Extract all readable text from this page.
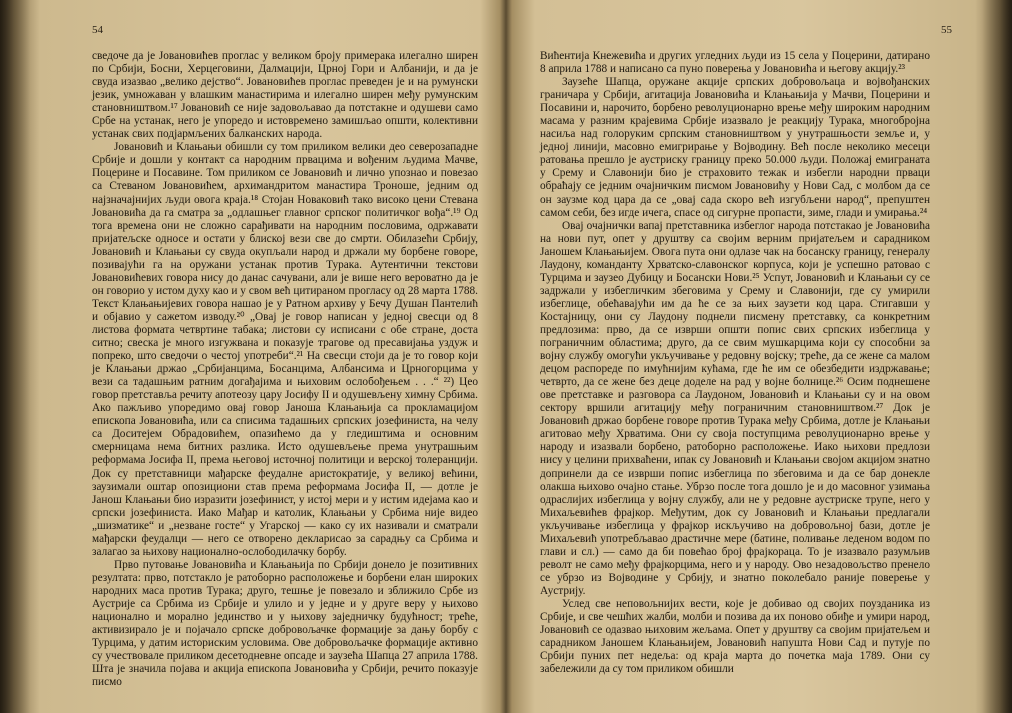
54

сведоче да је Јовановићев проглас у великом броју примерака илегално ширен по Србији, Босни, Херцеговини, Далмацији, Црној Гори и Албанији, и да је свуда изазвао „велико дејство“. Јовановићев проглас преведен је и на румунски језик, умножаван у влашким манастирима и илегално ширен међу румунским становништвом.¹⁷ Јовановић се није задовољавао да потстакне и одушеви само Србе на устанак, него је упоредо и истовремено замишљао општи, колективни устанак свих подјармљених балканских народа.

Јовановић и Клањањи обишли су том приликом велики део северозападне Србије и дошли у контакт са народним првацима и вођеним људима Мачве, Поцерине и Посавине. Том приликом се Јовановић и лично упознао и повезао са Стеваном Јовановићем, архимандритом манастира Троноше, једним од најзначајнијих људи овога краја.¹⁸ Стојан Новаковић тако високо цени Стевана Јовановића да га сматра за „oдлашњег главног српског политичког вођа“.¹⁹ Од тога времена они не сложно сарађивати на народним пословима, одржавати пријатељске односе и остати у блиској вези све до смрти. Обилазећи Србију, Јовановић и Клањањи су свуда окупљали народ и држали му борбене говоре, позивајући га на оружани устанак против Турака. Аутентични текстови Јовановићевих говора нису до данас сачувани, али је више него вероватно да је он говорио у истом духу као и у свом већ цитираном прогласу од 28 марта 1788. Текст Клањањијевих говора нашао је у Ратном архиву у Бечу Душан Пантелић и објавио у сажетом изводу.²⁰ „Овај је говор написан у једној свесци од 8 листова формата четвртине табака; листови су исписани с обе стране, доста ситно; свеска је много изгужвана и показује трагове од пресавијања уздуж и попреко, што сведочи о честој употреби“.²¹ На свесци стоји да је то говор који је Клањањи држао „Србијанцима, Босанцима, Албансима и Црногорцима у вези са тадашњим ратним догађајима и њиховим ослобођењем . . .“ ²²) Цео говор претставља речиту апотеозу цару Јосифу II и одушевљену химну Србима. Ако пажљиво упоредимо овај говор Јаноша Клањањија са прокламацијом епископа Јовановића, или са списима тадашњих српских јозефиниста, на челу са Доситејем Обрадовићем, опазићемо да у гледиштима и основним смерницама нема битних разлика. Исто одушевљење према унутрашњим реформама Јосифа II, према његовој источној политици и верској толеранцији. Док су претставници мађарске феудалне аристократије, у великој већини, заузимали оштар опозициони став према реформама Јосифа II, — дотле је Јанош Клањањи био изразити јозефинист, у истој мери и у истим идејама као и српски јозефиниста. Иако Мађар и католик, Клањањи у Србима није видео „шизматике“ и „незване госте“ у Угарској — како су их називали и сматрали мађарски феудалци — него се отворено декларисао за сарадњу са Србима и залагао за њихову национално-ослободилачку борбу.

Прво путовање Јовановића и Клањањија по Србији донело је позитивних резултата: прво, потстакло је ратоборно расположење и борбени елан широких народних маса против Турака; друго, тешње је повезало и зближило Србе из Аустрије са Србима из Србије и улило и у једне и у друге веру у њихово национално и морално јединство и у њихову заједничку будућност; треће, активизирало је и појачало српске добровољачке формације за дању борбу с Турцима, у датим историским условима. Ове добровољачке формације активно су учествовале приликом десетодневне опсаде и заузећа Шапца 27 априла 1788. Шта је значила појава и акција епископа Јовановића у Србији, речито показује писмо

55

Вићентија Кнежевића и других угледних људи из 15 села у Поцерини, датирано 8 априла 1788 и написано са пуно поверења у Јовановића и његову акцију.²³

Заузеће Шапца, оружане акције српских добровољаца и војвођанских граничара у Србији, агитација Јовановића и Клањањија у Мачви, Поцерини и Посавини и, нарочито, борбено револуционарно врење међу широким народним масама у разним крајевима Србије изазвало је реакцију Турака, многобројна насиља над голоруким српским становништвом у унутрашњости земље и, у једној линији, масовно емигрирање у Војводину. Већ после неколико месеци ратовања прешло је аустриску границу преко 50.000 људи. Положај емиграната у Срему и Славонији био је страховито тежак и избегли народни прваци обраћају се једним очајничким писмом Јовановићу у Нови Сад, с молбом да се он заузме код цара да се „овај сада скоро већ изгубљени народ“, препуштен самом себи, без игде ичега, спасе од сигурне пропасти, зиме, глади и умирања.²⁴

Овај очајнички вапај претставника избеглог народа потстакао је Јовановића на нови пут, опет у друштву са својим верним пријатељем и сарадником Јаношем Клањањијем. Овога пута они одлазе чак на босанску границу, генералу Лаудону, команданту Хрватско-славонског корпуса, који је успешно ратовао с Турцима и заузео Дубицу и Босански Нови.²⁵ Успут, Јовановић и Клањањи су се задржали у избегличким збеговима у Срему и Славонији, где су умирили избеглице, обећавајући им да ће се за њих заузети код цара. Стигавши у Костајницу, они су Лаудону поднели писмену претставку, са конкретним предлозима: прво, да се изврши општи попис свих српских избеглица у пограничним областима; друго, да се свим мушкарцима који су способни за војну службу омогући укључивање у редовну војску; треће, да се жене са малом децом распореде по имућнијим кућама, где ће им се обезбедити издржавање; четврто, да се жене без деце доделе на рад у војне болнице.²⁶ Осим поднешене ове претставке и разговора са Лаудоном, Јовановић и Клањањи су и на овом сектору вршили агитацију међу пограничним становништвом.²⁷ Док је Јовановић држао борбене говоре против Турака међу Србима, дотле је Клањањи агитовао међу Хрватима. Они су своја поступцима револуционарно врење у народу и изазвали борбено, ратоборно расположење. Иако њихови предлози нису у целини прихваћени, ипак су Јовановић и Клањањи својом акцијом знатно допринели да се изврши попис избеглица по збеговима и да се бар донекле олакша њихово очајно стање. Убрзо после тога дошло је и до масовног узимања одраслијих избеглица у војну службу, али не у редовне аустриске трупе, него у Михаљевићев фрајкор. Међутим, док су Јовановић и Клањањи предлагали укључивање избеглица у фрајкор искључиво на добровољној бази, дотле је Михаљевић употребљавао драстичне мере (батине, поливање леденом водом по глави и сл.) — само да би повећао број фрајкораца. То је изазвало разумљив револт не само међу фрајкорцима, него и у народу. Ово незадовољство пренело се убрзо из Војводине у Србију, и знатно поколебало раније поверење у Аустрију.

Услед све неповољнијих вести, које је добивао од својих поузданика из Србије, и све чешћих жалби, молби и позива да их поново обиђе и умири народ, Јовановић се одазвао њиховим жељама. Опет у друштву са својим пријатељем и сарадником Јаношем Клањањијем, Јовановић напушта Нови Сад и путује по Србији пуних пет недеља: од краја марта до почетка маја 1789. Они су забележили да су том приликом обишли
